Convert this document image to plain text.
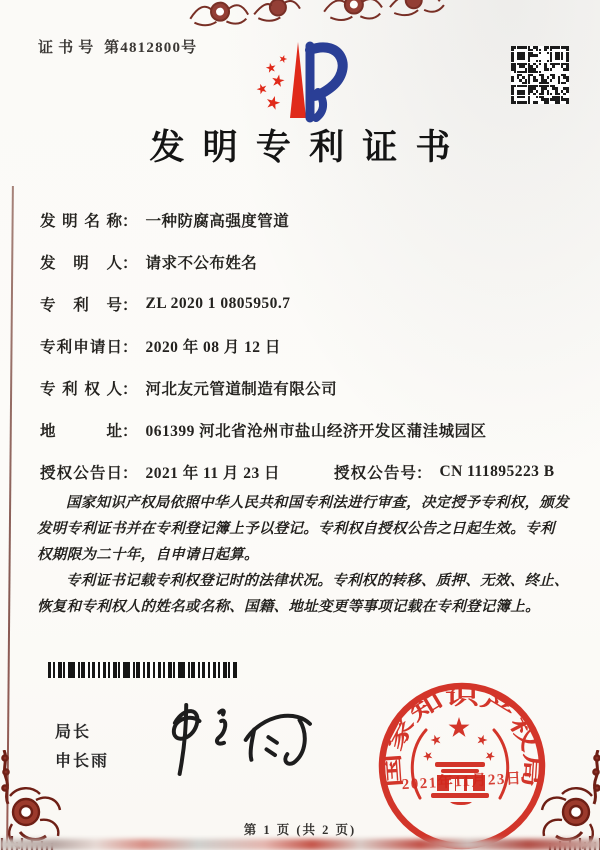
证书号 第4812800号
发明专利证书
发明名称 ： 一种防腐高强度管道
发明人 ： 请求不公布姓名
专利号 ： ZL 2020 1 0805950.7
专利申请日 ： 2020 年 08 月 12 日
专利权人 ： 河北友元管道制造有限公司
地址 ： 061399 河北省沧州市盐山经济开发区蒲洼城园区
授权公告日 ： 2021 年 11 月 23 日	授权公告号 ： CN 111895223 B

国家知识产权局依照中华人民共和国专利法进行审查，决定授予专利权，颁发发明专利证书并在专利登记簿上予以登记。专利权自授权公告之日起生效。专利权期限为二十年，自申请日起算。

专利证书记载专利权登记时的法律状况。专利权的转移、质押、无效、终止、恢复和专利权人的姓名或名称、国籍、地址变更等事项记载在专利登记簿上。

局长
申长雨
国家知识产权局
2021年11月23日
第 1 页 (共 2 页)
